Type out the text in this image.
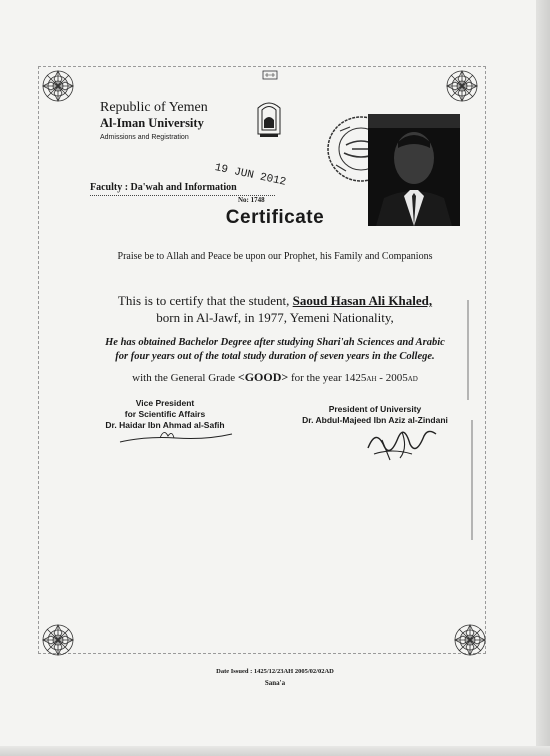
Republic of Yemen
Al-Iman University
Admissions and Registration
19 JUN 2012
Faculty : Da'wah and Information
No: 1748
Certificate
Praise be to Allah and Peace be upon our Prophet, his Family and Companions
This is to certify that the student, Saoud Hasan Ali Khaled,
born in Al-Jawf, in 1977, Yemeni Nationality,
He has obtained Bachelor Degree after studying Shari'ah Sciences and Arabic
for four years out of the total study duration of seven years in the College.
with the General Grade <GOOD> for the year 1425AH - 2005AD
Vice President
for Scientific Affairs
Dr. Haidar Ibn Ahmad al-Safih
President of University
Dr. Abdul-Majeed Ibn Aziz al-Zindani
Date Issued : 1425/12/23AH 2005/02/02AD
Sana'a
